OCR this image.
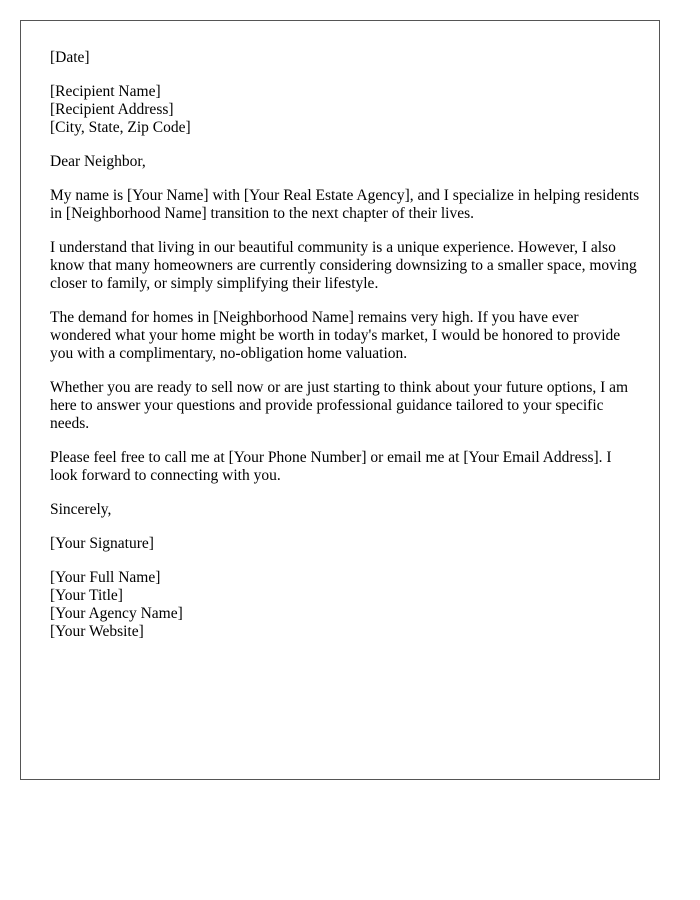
[Date]
[Recipient Name]
[Recipient Address]
[City, State, Zip Code]
Dear Neighbor,

My name is [Your Name] with [Your Real Estate Agency], and I specialize in helping residents in [Neighborhood Name] transition to the next chapter of their lives.

I understand that living in our beautiful community is a unique experience. However, I also know that many homeowners are currently considering downsizing to a smaller space, moving closer to family, or simply simplifying their lifestyle.

The demand for homes in [Neighborhood Name] remains very high. If you have ever wondered what your home might be worth in today's market, I would be honored to provide you with a complimentary, no-obligation home valuation.

Whether you are ready to sell now or are just starting to think about your future options, I am here to answer your questions and provide professional guidance tailored to your specific needs.

Please feel free to call me at [Your Phone Number] or email me at [Your Email Address]. I look forward to connecting with you.

Sincerely,
[Your Signature]
[Your Full Name]
[Your Title]
[Your Agency Name]
[Your Website]
